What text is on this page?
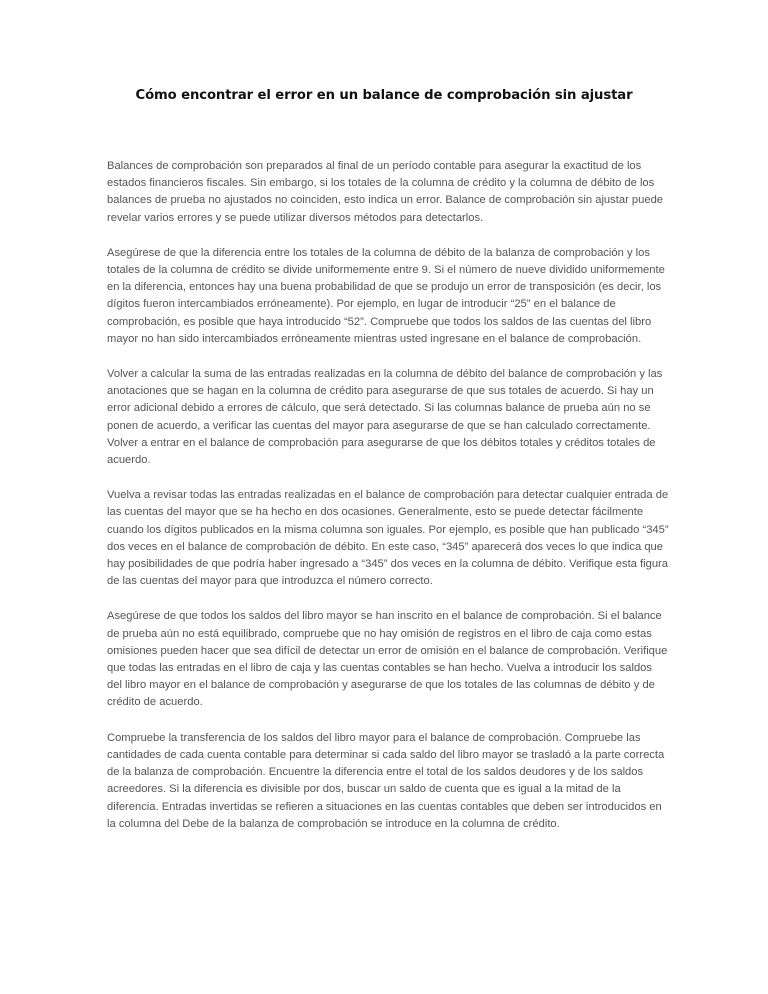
Cómo encontrar el error en un balance de comprobación sin ajustar

Balances de comprobación son preparados al final de un período contable para asegurar la exactitud de los estados financieros fiscales. Sin embargo, si los totales de la columna de crédito y la columna de débito de los balances de prueba no ajustados no coinciden, esto indica un error. Balance de comprobación sin ajustar puede revelar varios errores y se puede utilizar diversos métodos para detectarlos.

Asegúrese de que la diferencia entre los totales de la columna de débito de la balanza de comprobación y los totales de la columna de crédito se divide uniformemente entre 9. Si el número de nueve dividido uniformemente en la diferencia, entonces hay una buena probabilidad de que se produjo un error de transposición (es decir, los dígitos fueron intercambiados erróneamente). Por ejemplo, en lugar de introducir “25” en el balance de comprobación, es posible que haya introducido “52”. Compruebe que todos los saldos de las cuentas del libro mayor no han sido intercambiados erróneamente mientras usted ingresane en el balance de comprobación.

Volver a calcular la suma de las entradas realizadas en la columna de débito del balance de comprobación y las anotaciones que se hagan en la columna de crédito para asegurarse de que sus totales de acuerdo. Si hay un error adicional debido a errores de cálculo, que será detectado. Si las columnas balance de prueba aún no se ponen de acuerdo, a verificar las cuentas del mayor para asegurarse de que se han calculado correctamente. Volver a entrar en el balance de comprobación para asegurarse de que los débitos totales y créditos totales de acuerdo.

Vuelva a revisar todas las entradas realizadas en el balance de comprobación para detectar cualquier entrada de las cuentas del mayor que se ha hecho en dos ocasiones. Generalmente, esto se puede detectar fácilmente cuando los dígitos publicados en la misma columna son iguales. Por ejemplo, es posible que han publicado “345” dos veces en el balance de comprobación de débito. En este caso, “345” aparecerá dos veces lo que indica que hay posibilidades de que podría haber ingresado a “345” dos veces en la columna de débito. Verifique esta figura de las cuentas del mayor para que introduzca el número correcto.

Asegúrese de que todos los saldos del libro mayor se han inscrito en el balance de comprobación. Si el balance de prueba aún no está equilibrado, compruebe que no hay omisión de registros en el libro de caja como estas omisiones pueden hacer que sea difícil de detectar un error de omisión en el balance de comprobación. Verifique que todas las entradas en el libro de caja y las cuentas contables se han hecho. Vuelva a introducir los saldos del libro mayor en el balance de comprobación y asegurarse de que los totales de las columnas de débito y de crédito de acuerdo.

Compruebe la transferencia de los saldos del libro mayor para el balance de comprobación. Compruebe las cantidades de cada cuenta contable para determinar si cada saldo del libro mayor se trasladó a la parte correcta de la balanza de comprobación. Encuentre la diferencia entre el total de los saldos deudores y de los saldos acreedores. Si la diferencia es divisible por dos, buscar un saldo de cuenta que es igual a la mitad de la diferencia. Entradas invertidas se refieren a situaciones en las cuentas contables que deben ser introducidos en la columna del Debe de la balanza de comprobación se introduce en la columna de crédito.
